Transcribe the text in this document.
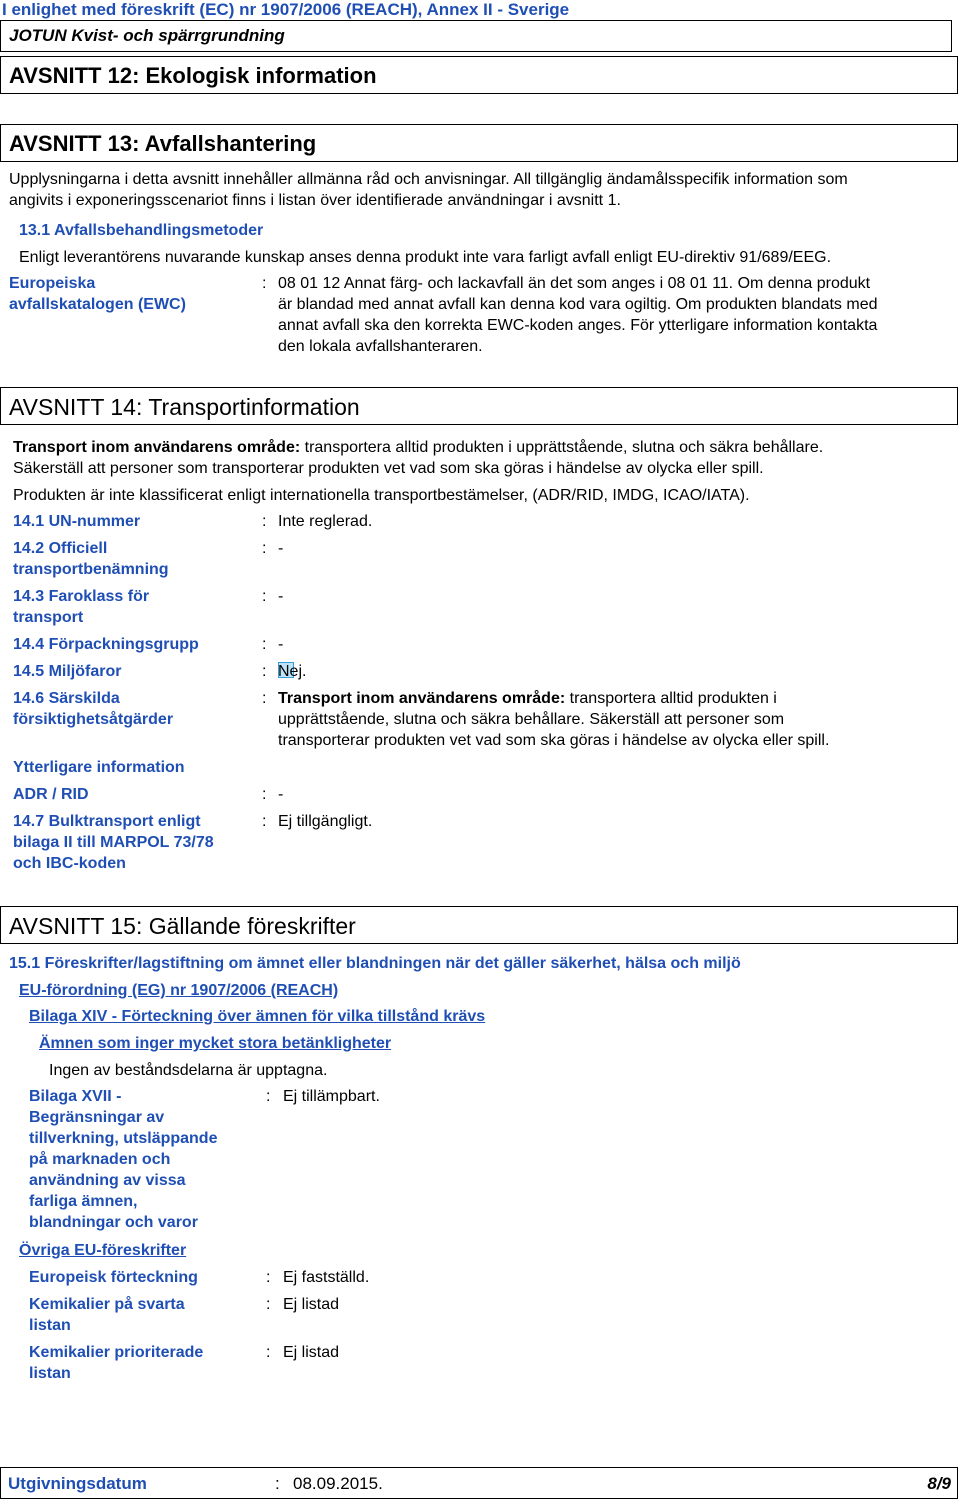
I enlighet med föreskrift (EC) nr 1907/2006 (REACH), Annex II - Sverige
JOTUN Kvist- och spärrgrundning
AVSNITT 12: Ekologisk information
AVSNITT 13: Avfallshantering
Upplysningarna i detta avsnitt innehåller allmänna råd och anvisningar. All tillgänglig ändamålsspecifik information som
angivits i exponeringsscenariot finns i listan över identifierade användningar i avsnitt 1.
13.1 Avfallsbehandlingsmetoder
Enligt leverantörens nuvarande kunskap anses denna produkt inte vara farligt avfall enligt EU-direktiv 91/689/EEG.
Europeiska
avfallskatalogen (EWC)
: 08 01 12 Annat färg- och lackavfall än det som anges i 08 01 11. Om denna produkt
är blandad med annat avfall kan denna kod vara ogiltig. Om produkten blandats med
annat avfall ska den korrekta EWC-koden anges. För ytterligare information kontakta
den lokala avfallshanteraren.
AVSNITT 14: Transportinformation
Transport inom användarens område: transportera alltid produkten i upprättstående, slutna och säkra behållare.
Säkerställ att personer som transporterar produkten vet vad som ska göras i händelse av olycka eller spill.
Produkten är inte klassificerat enligt internationella transportbestämelser, (ADR/RID, IMDG, ICAO/IATA).
14.1 UN-nummer	: Inte reglerad.
14.2 Officiell
transportbenämning
: -
14.3 Faroklass för
transport
: -
14.4 Förpackningsgrupp	: -
14.5 Miljöfaror	: Nej.
14.6 Särskilda
försiktighetsåtgärder
: Transport inom användarens område: transportera alltid produkten i
upprättstående, slutna och säkra behållare. Säkerställ att personer som
transporterar produkten vet vad som ska göras i händelse av olycka eller spill.
Ytterligare information
ADR / RID	: -
14.7 Bulktransport enligt
bilaga II till MARPOL 73/78
och IBC-koden
: Ej tillgängligt.
AVSNITT 15: Gällande föreskrifter
15.1 Föreskrifter/lagstiftning om ämnet eller blandningen när det gäller säkerhet, hälsa och miljö
EU-förordning (EG) nr 1907/2006 (REACH)
Bilaga XIV - Förteckning över ämnen för vilka tillstånd krävs
Ämnen som inger mycket stora betänkligheter
Ingen av beståndsdelarna är upptagna.
Bilaga XVII -
Begränsningar av
tillverkning, utsläppande
på marknaden och
användning av vissa
farliga ämnen,
blandningar och varor
: Ej tillämpbart.
Övriga EU-föreskrifter
Europeisk förteckning	: Ej fastställd.
Kemikalier på svarta
listan
: Ej listad
Kemikalier prioriterade
listan
: Ej listad
Utgivningsdatum	: 08.09.2015.	8/9
